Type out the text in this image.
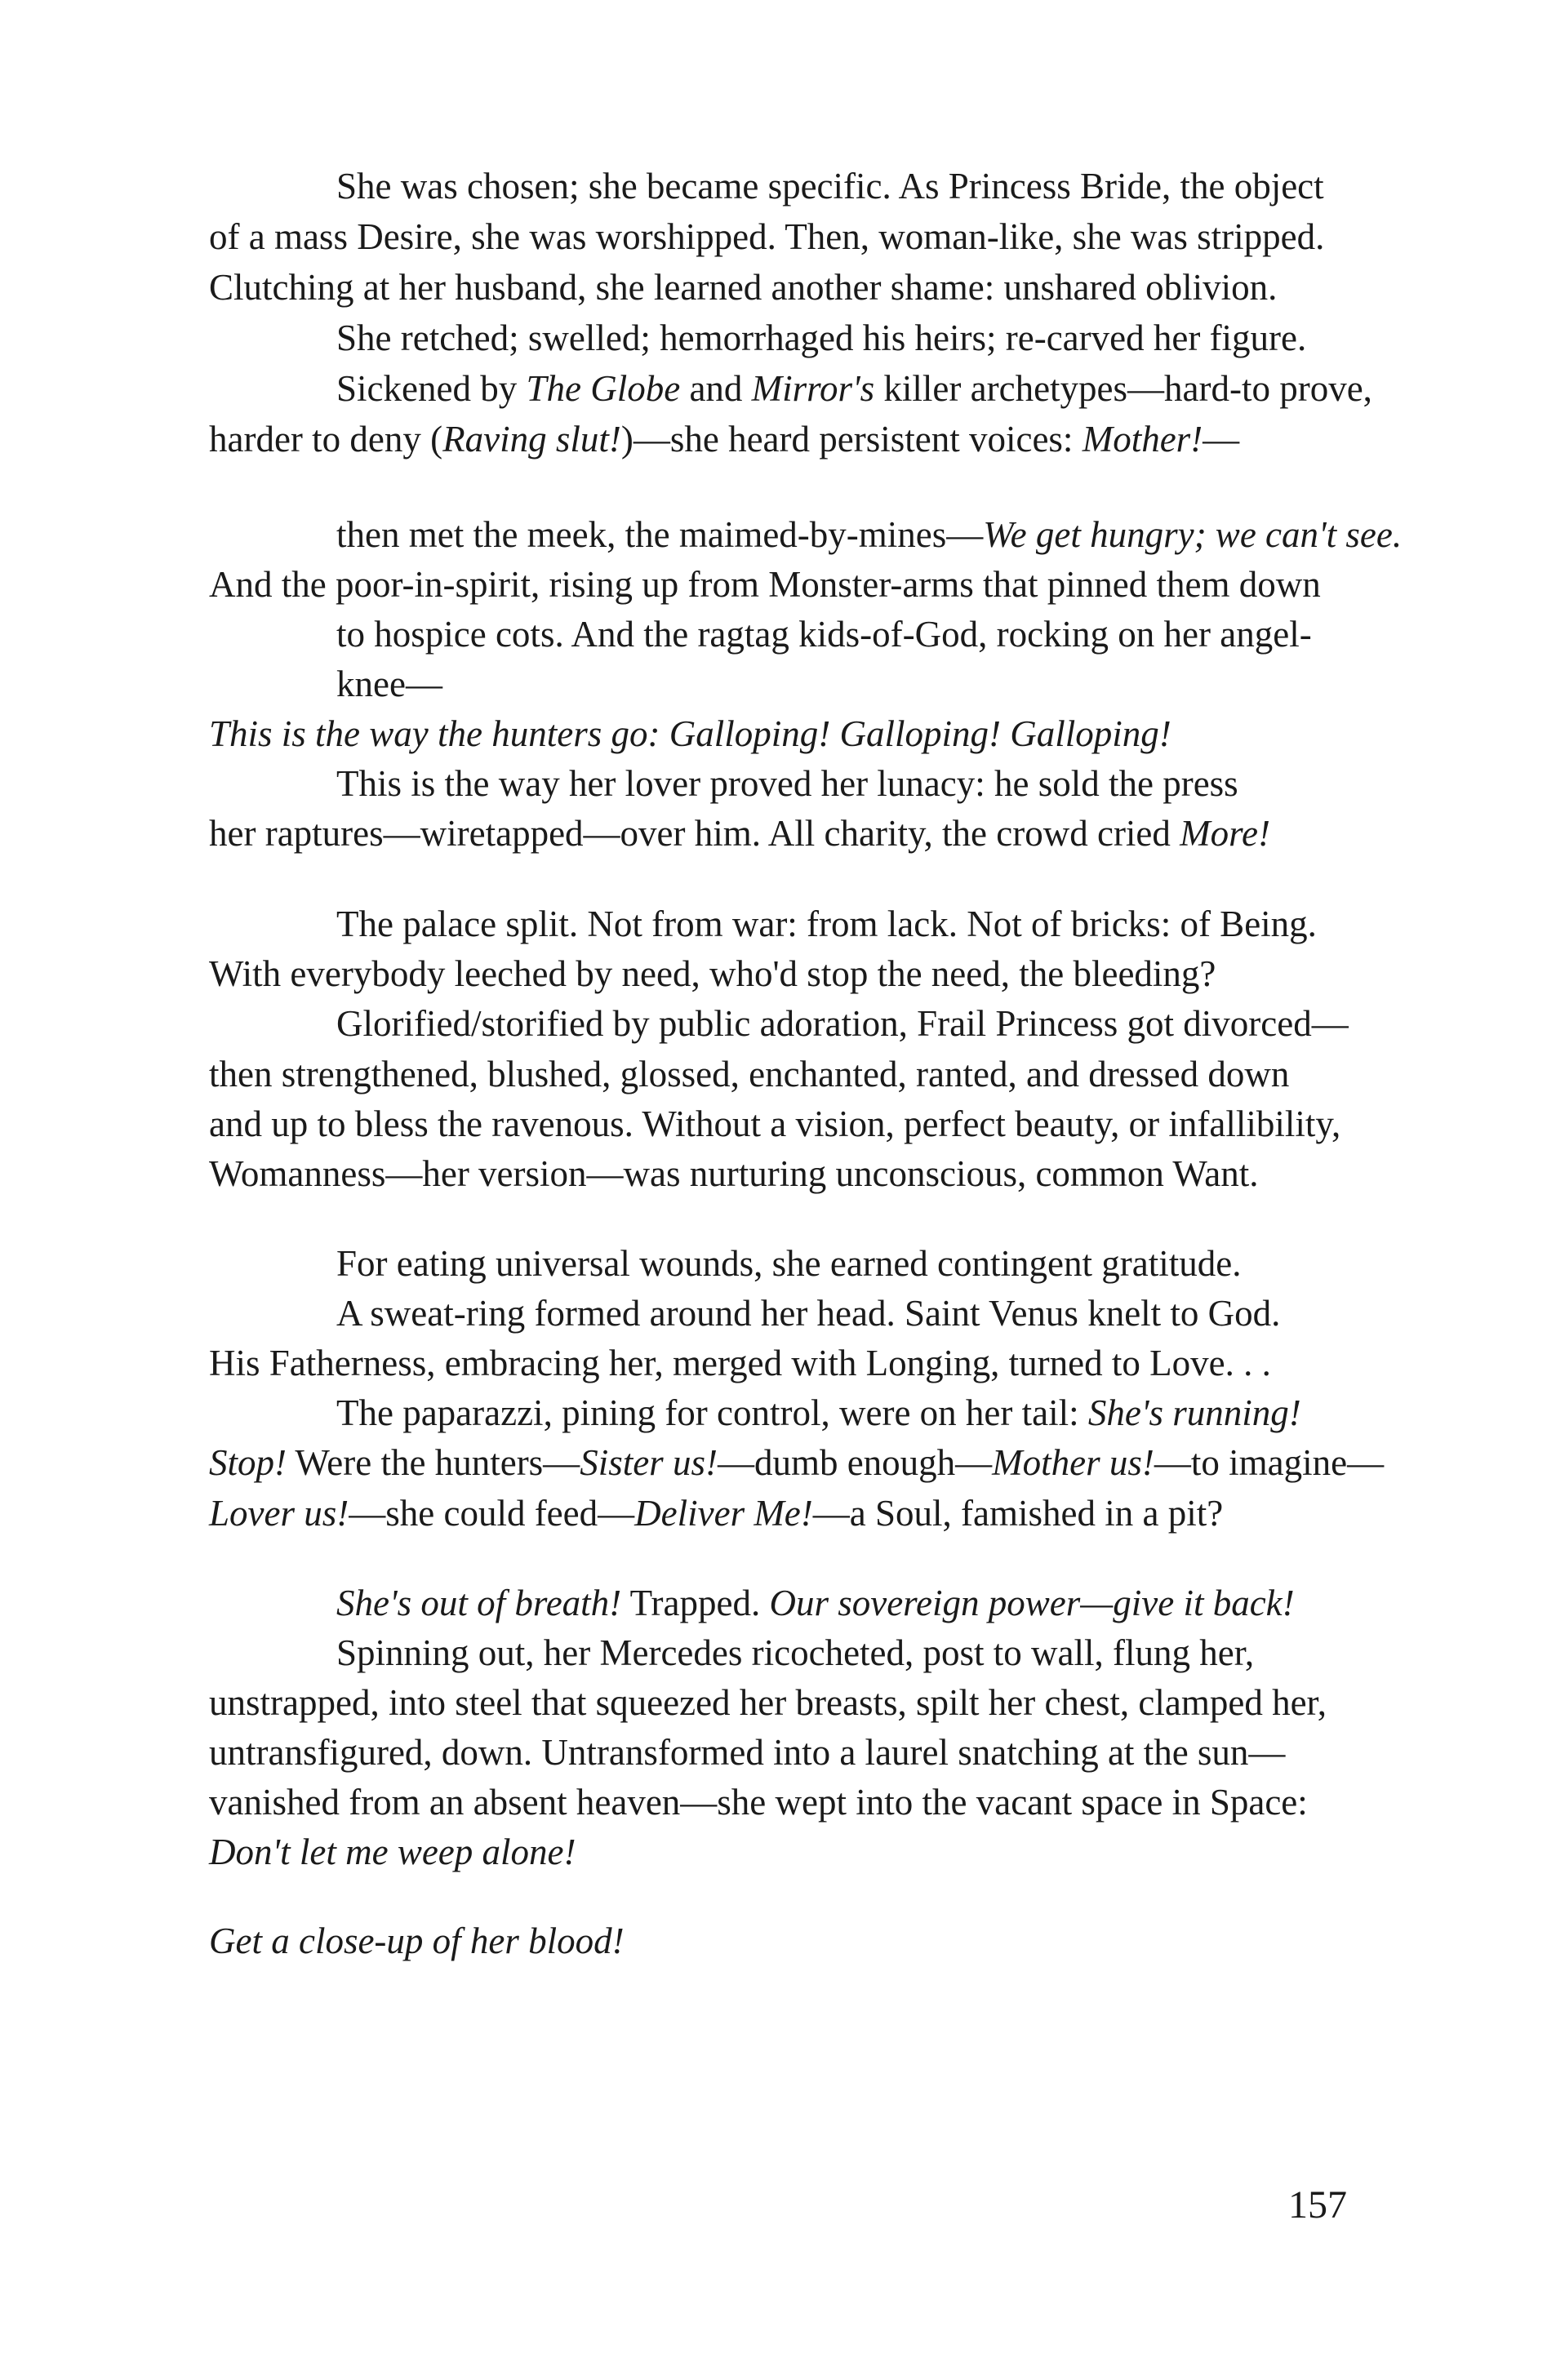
She was chosen; she became specific. As Princess Bride, the object
of a mass Desire, she was worshipped. Then, woman-like, she was stripped.
Clutching at her husband, she learned another shame: unshared oblivion.
She retched; swelled; hemorrhaged his heirs; re-carved her figure.
Sickened by The Globe and Mirror's killer archetypes—hard-to prove,
harder to deny (Raving slut!)—she heard persistent voices: Mother!—
then met the meek, the maimed-by-mines—We get hungry; we can't see.
And the poor-in-spirit, rising up from Monster-arms that pinned them down
to hospice cots. And the ragtag kids-of-God, rocking on her angel-
knee—
This is the way the hunters go: Galloping! Galloping! Galloping!
This is the way her lover proved her lunacy: he sold the press
her raptures—wiretapped—over him. All charity, the crowd cried More!
The palace split. Not from war: from lack. Not of bricks: of Being.
With everybody leeched by need, who'd stop the need, the bleeding?
Glorified/storified by public adoration, Frail Princess got divorced—
then strengthened, blushed, glossed, enchanted, ranted, and dressed down
and up to bless the ravenous. Without a vision, perfect beauty, or infallibility,
Womanness—her version—was nurturing unconscious, common Want.
For eating universal wounds, she earned contingent gratitude.
A sweat-ring formed around her head. Saint Venus knelt to God.
His Fatherness, embracing her, merged with Longing, turned to Love. . .
The paparazzi, pining for control, were on her tail: She's running!
Stop! Were the hunters—Sister us!—dumb enough—Mother us!—to imagine—
Lover us!—she could feed—Deliver Me!—a Soul, famished in a pit?
She's out of breath! Trapped. Our sovereign power—give it back!
Spinning out, her Mercedes ricocheted, post to wall, flung her,
unstrapped, into steel that squeezed her breasts, spilt her chest, clamped her,
untransfigured, down. Untransformed into a laurel snatching at the sun—
vanished from an absent heaven—she wept into the vacant space in Space:
Don't let me weep alone!
Get a close-up of her blood!
157
